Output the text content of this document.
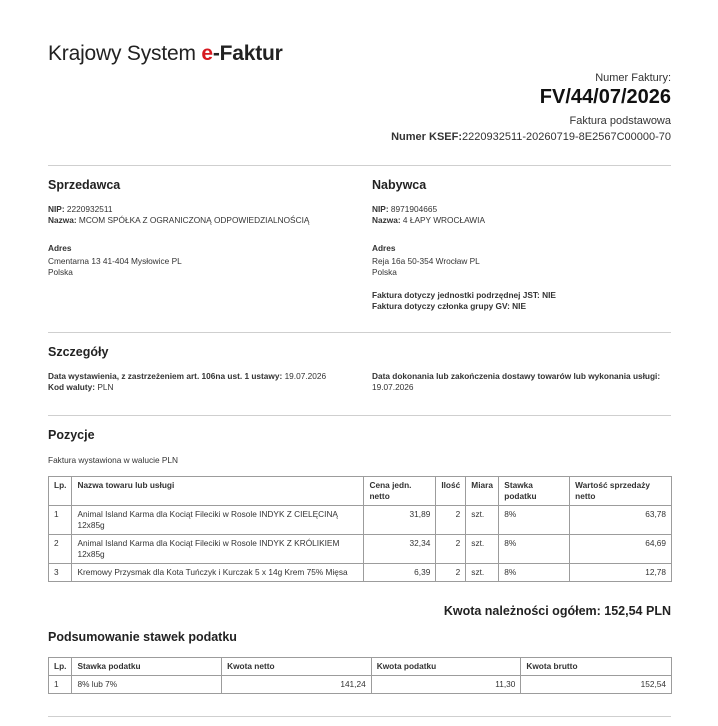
Krajowy System e-Faktur
Numer Faktury:
FV/44/07/2026
Faktura podstawowa
Numer KSEF:2220932511-20260719-8E2567C00000-70
Sprzedawca
NIP: 2220932511
Nazwa: MCOM SPÓŁKA Z OGRANICZONĄ ODPOWIEDZIALNOŚCIĄ
Adres
Cmentarna 13 41-404 Mysłowice PL
Polska
Nabywca
NIP: 8971904665
Nazwa: 4 ŁAPY WROCŁAWIA
Adres
Reja 16a 50-354 Wrocław PL
Polska
Faktura dotyczy jednostki podrzędnej JST: NIE
Faktura dotyczy członka grupy GV: NIE
Szczegóły
Data wystawienia, z zastrzeżeniem art. 106na ust. 1 ustawy: 19.07.2026
Kod waluty: PLN
Data dokonania lub zakończenia dostawy towarów lub wykonania usługi:
19.07.2026
Pozycje
Faktura wystawiona w walucie PLN
Lp.	Nazwa towaru lub usługi	Cena jedn. netto	Ilość	Miara	Stawka podatku	Wartość sprzedaży netto
1	Animal Island Karma dla Kociąt Fileciki w Rosole INDYK Z CIELĘCINĄ 12x85g	31,89	2	szt.	8%	63,78
2	Animal Island Karma dla Kociąt Fileciki w Rosole INDYK Z KRÓLIKIEM 12x85g	32,34	2	szt.	8%	64,69
3	Kremowy Przysmak dla Kota Tuńczyk i Kurczak 5 x 14g Krem 75% Mięsa	6,39	2	szt.	8%	12,78
Kwota należności ogółem: 152,54 PLN
Podsumowanie stawek podatku
Lp.	Stawka podatku	Kwota netto	Kwota podatku	Kwota brutto
1	8% lub 7%	141,24	11,30	152,54
